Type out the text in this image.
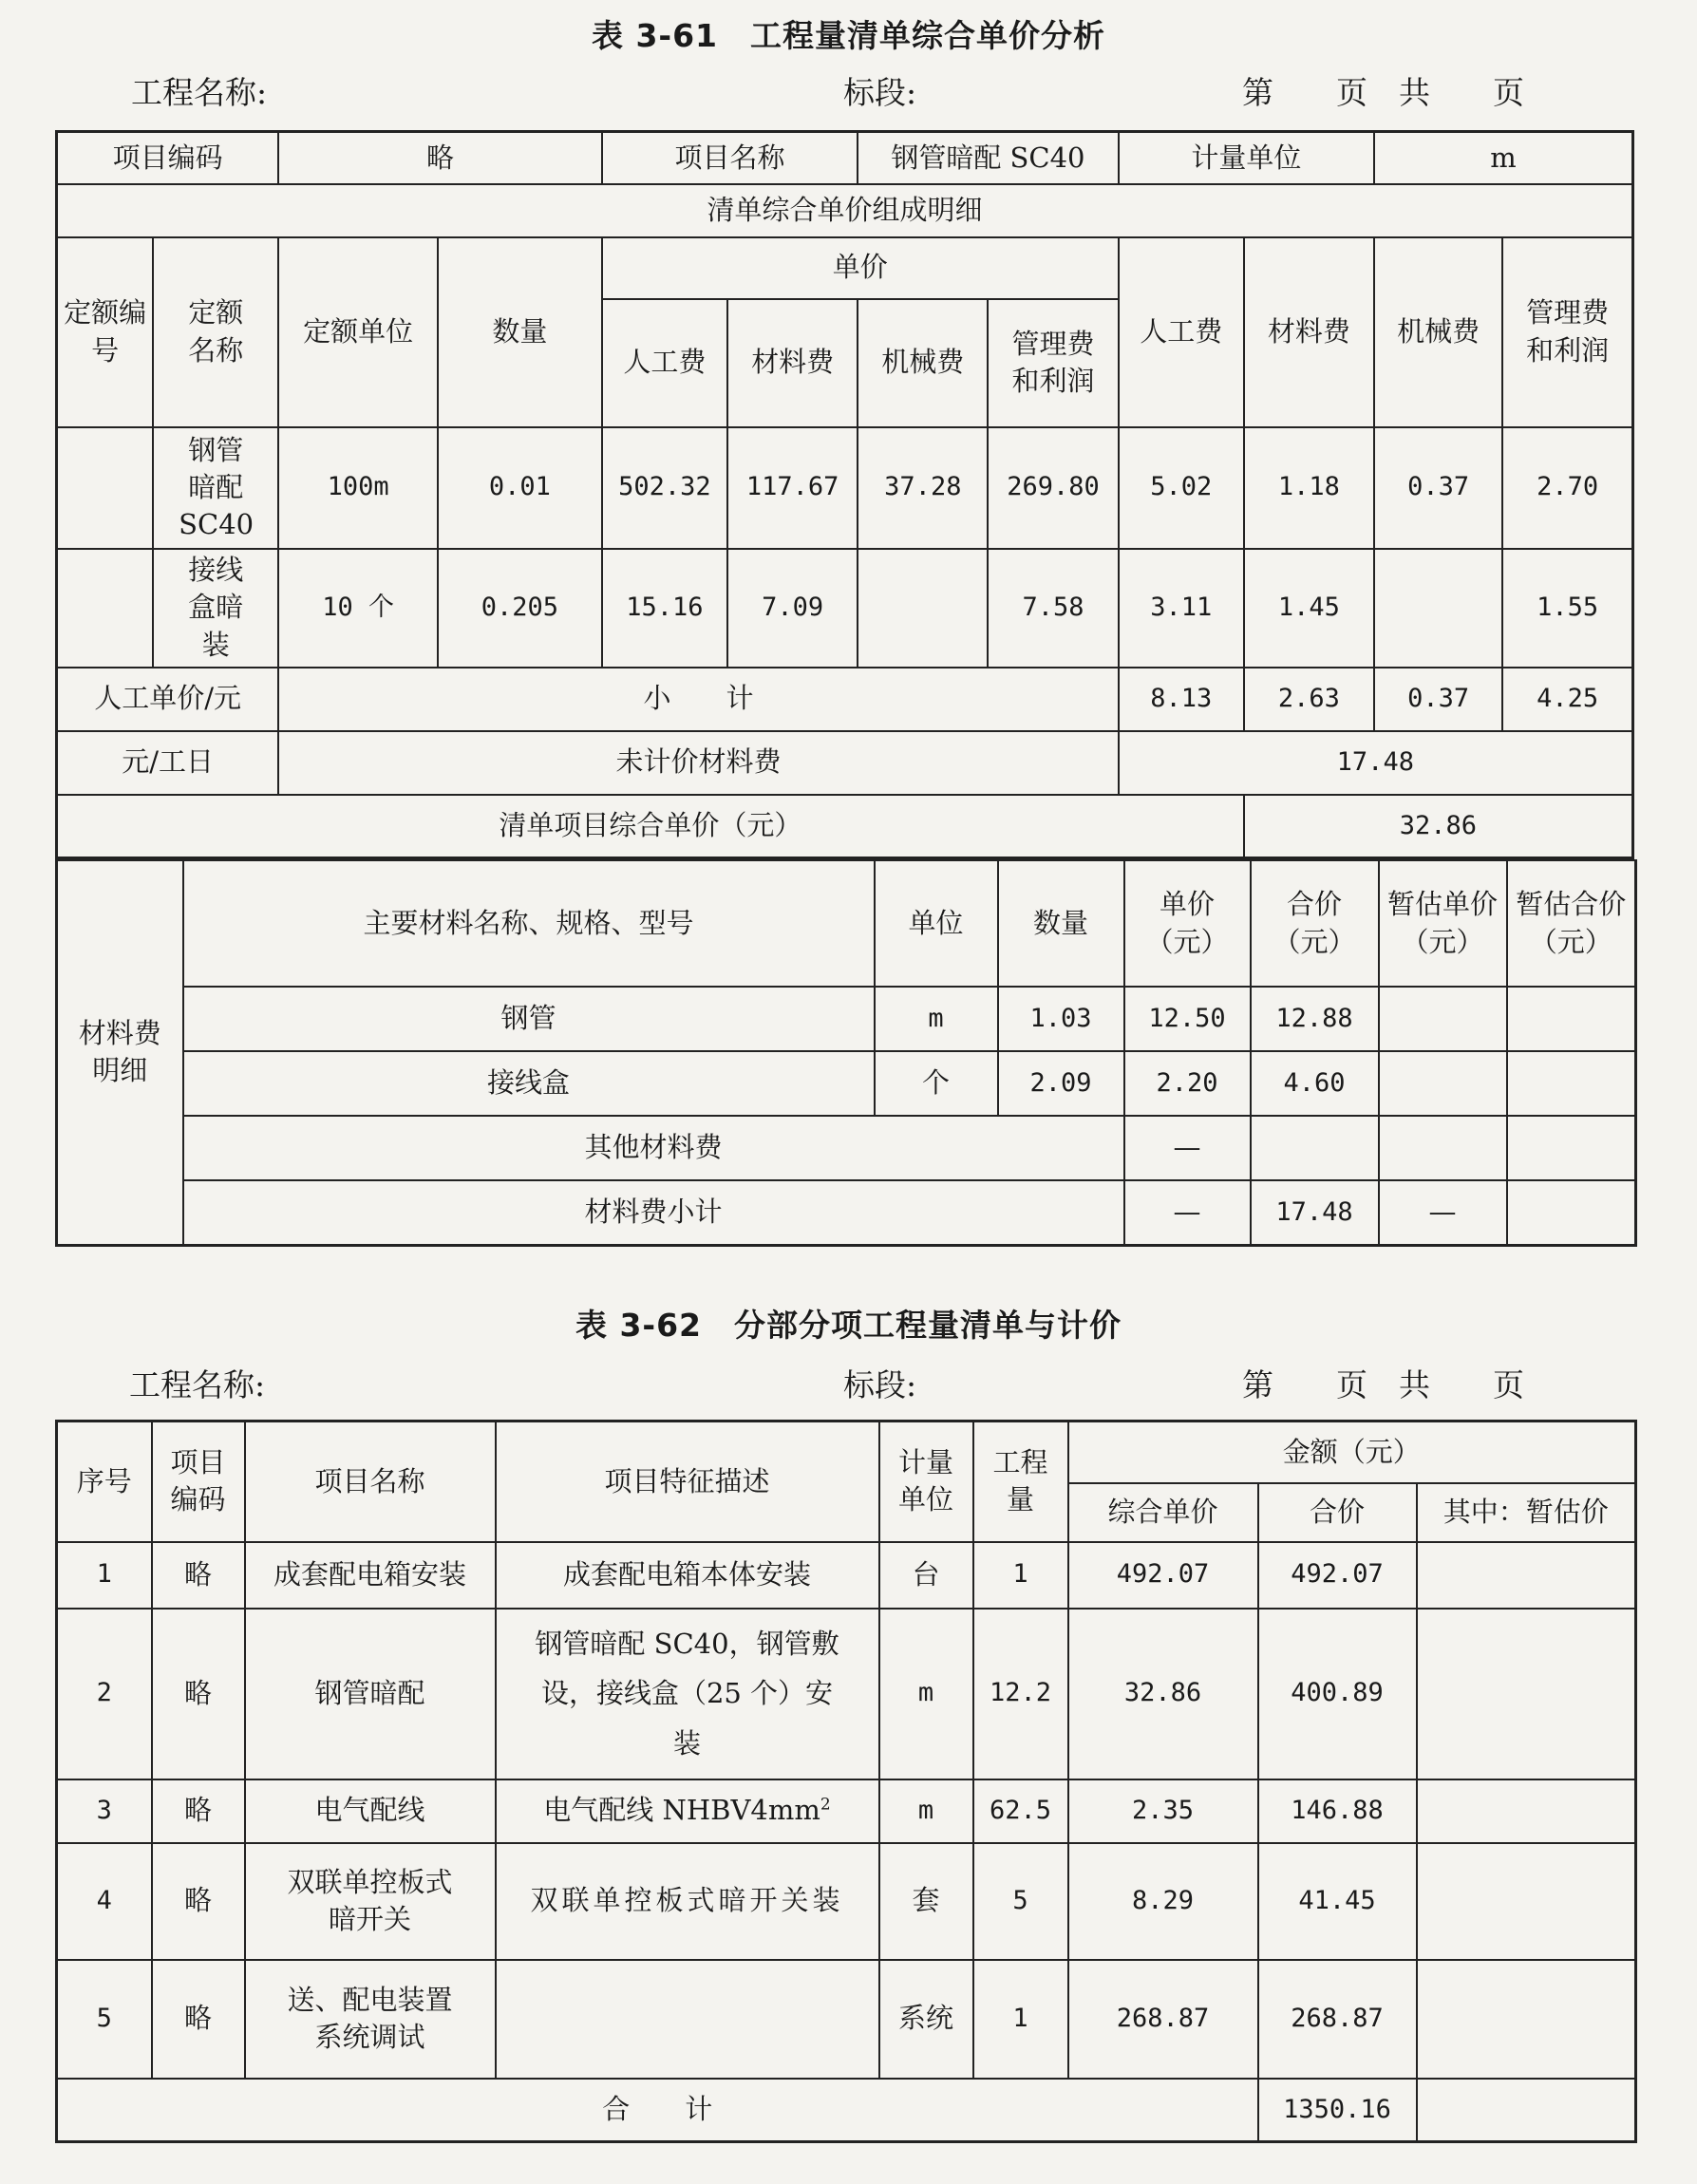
表 3-61　工程量清单综合单价分析
工程名称:	标段:	第　　页　共　　页
项目编码		略		项目名称		钢管暗配 SC40		计量单位		m	
清单综合单价组成明细											
定额编号	定额名称	定额单位	数量	单价				人工费	材料费	机械费	管理费和利润
				人工费	材料费	机械费	管理费和利润				
	钢管暗配 SC40	100m	0.01	502.32	117.67	37.28	269.80	5.02	1.18	0.37	2.70
	接线盒暗装	10 个	0.205	15.16	7.09		7.58	3.11	1.45		1.55
人工单价/元		小　　计						8.13	2.63	0.37	4.25
元/工日		未计价材料费						17.48			
清单项目综合单价（元）									32.86		
材料费明细	主要材料名称、规格、型号	单位	数量	单价（元）	合价（元）	暂估单价（元）	暂估合价（元）
	钢管	m	1.03	12.50	12.88		
	接线盒	个	2.09	2.20	4.60		
	其他材料费			—			
	材料费小计			—	17.48	—	
表 3-62　分部分项工程量清单与计价
工程名称:	标段:	第　　页　共　　页
序号	项目编码	项目名称	项目特征描述	计量单位	工程量	金额（元）		
						综合单价	合价	其中：暂估价
1	略	成套配电箱安装	成套配电箱本体安装	台	1	492.07	492.07	
2	略	钢管暗配	钢管暗配 SC40，钢管敷设，接线盒（25 个）安装	m	12.2	32.86	400.89	
3	略	电气配线	电气配线 $NHBV4mm^2$	m	62.5	2.35	146.88	
4	略	双联单控板式暗开关	双联单控板式暗开关装	套	5	8.29	41.45	
5	略	送、配电装置系统调试		系统	1	268.87	268.87	
合　　计							1350.16	
